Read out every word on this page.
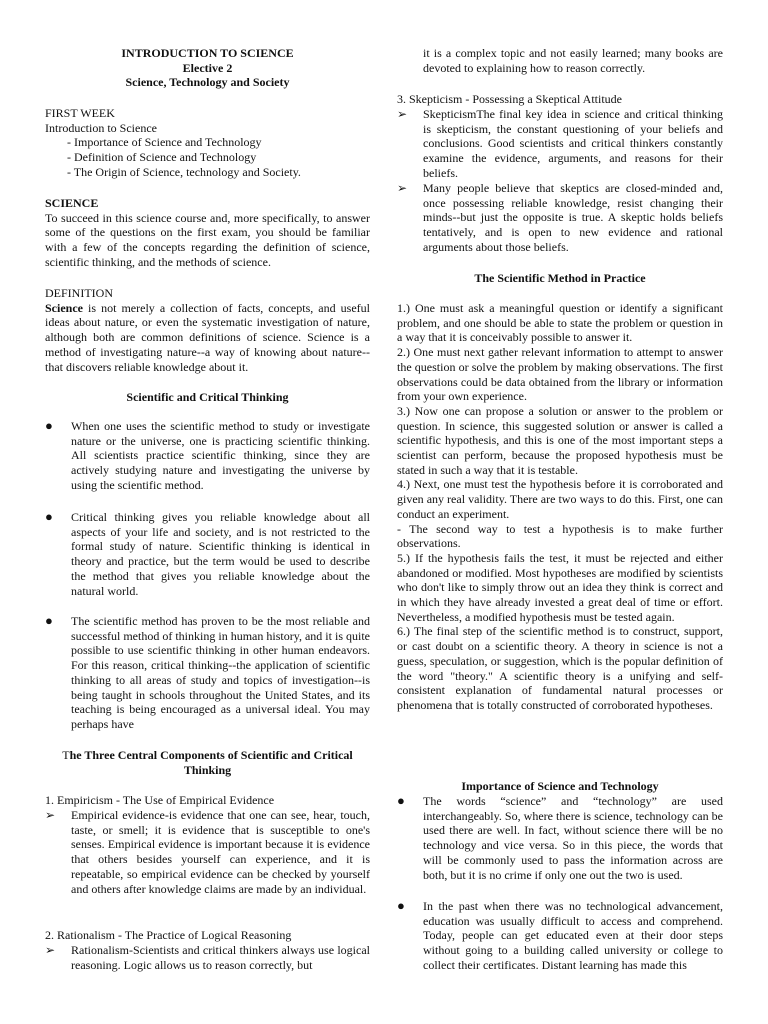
INTRODUCTION TO SCIENCE

Elective 2

Science, Technology and Society

FIRST WEEK

Introduction to Science

- Importance of Science and Technology

- Definition of Science and Technology

- The Origin of Science, technology and Society.

SCIENCE

To succeed in this science course and, more specifically, to answer some of the questions on the first exam, you should be familiar with a few of the concepts regarding the definition of science, scientific thinking, and the methods of science.

DEFINITION

Science is not merely a collection of facts, concepts, and useful ideas about nature, or even the systematic investigation of nature, although both are common definitions of science. Science is a method of investigating nature--a way of knowing about nature--that discovers reliable knowledge about it.

Scientific and Critical Thinking

●	When one uses the scientific method to study or investigate nature or the universe, one is practicing scientific thinking. All scientists practice scientific thinking, since they are actively studying nature and investigating the universe by using the scientific method.
●	Critical thinking gives you reliable knowledge about all aspects of your life and society, and is not restricted to the formal study of nature. Scientific thinking is identical in theory and practice, but the term would be used to describe the method that gives you reliable knowledge about the natural world.
●	The scientific method has proven to be the most reliable and successful method of thinking in human history, and it is quite possible to use scientific thinking in other human endeavors. For this reason, critical thinking--the application of scientific thinking to all areas of study and topics of investigation--is being taught in schools throughout the United States, and its teaching is being encouraged as a universal ideal. You may perhaps have

The Three Central Components of Scientific and Critical Thinking

1. Empiricism - The Use of Empirical Evidence

➢	Empirical evidence-is evidence that one can see, hear, touch, taste, or smell; it is evidence that is susceptible to one's senses. Empirical evidence is important because it is evidence that others besides yourself can experience, and it is repeatable, so empirical evidence can be checked by yourself and others after knowledge claims are made by an individual.

2. Rationalism - The Practice of Logical Reasoning

➢	Rationalism-Scientists and critical thinkers always use logical reasoning. Logic allows us to reason correctly, but

it is a complex topic and not easily learned; many books are devoted to explaining how to reason correctly.

3. Skepticism - Possessing a Skeptical Attitude

➢	SkepticismThe final key idea in science and critical thinking is skepticism, the constant questioning of your beliefs and conclusions. Good scientists and critical thinkers constantly examine the evidence, arguments, and reasons for their beliefs.
➢	Many people believe that skeptics are closed-minded and, once possessing reliable knowledge, resist changing their minds--but just the opposite is true. A skeptic holds beliefs tentatively, and is open to new evidence and rational arguments about those beliefs.

The Scientific Method in Practice

1.) One must ask a meaningful question or identify a significant problem, and one should be able to state the problem or question in a way that it is conceivably possible to answer it.

2.) One must next gather relevant information to attempt to answer the question or solve the problem by making observations. The first observations could be data obtained from the library or information from your own experience.

3.) Now one can propose a solution or answer to the problem or question. In science, this suggested solution or answer is called a scientific hypothesis, and this is one of the most important steps a scientist can perform, because the proposed hypothesis must be stated in such a way that it is testable.

4.) Next, one must test the hypothesis before it is corroborated and given any real validity. There are two ways to do this. First, one can conduct an experiment.

- The second way to test a hypothesis is to make further observations.

5.) If the hypothesis fails the test, it must be rejected and either abandoned or modified. Most hypotheses are modified by scientists who don't like to simply throw out an idea they think is correct and in which they have already invested a great deal of time or effort. Nevertheless, a modified hypothesis must be tested again.

6.) The final step of the scientific method is to construct, support, or cast doubt on a scientific theory. A theory in science is not a guess, speculation, or suggestion, which is the popular definition of the word "theory." A scientific theory is a unifying and self-consistent explanation of fundamental natural processes or phenomena that is totally constructed of corroborated hypotheses.

Importance of Science and Technology

●	The words “science” and “technology” are used interchangeably. So, where there is science, technology can be used there are well. In fact, without science there will be no technology and vice versa. So in this piece, the words that will be commonly used to pass the information across are both, but it is no crime if only one out the two is used.
●	In the past when there was no technological advancement, education was usually difficult to access and comprehend. Today, people can get educated even at their door steps without going to a building called university or college to collect their certificates. Distant learning has made this
